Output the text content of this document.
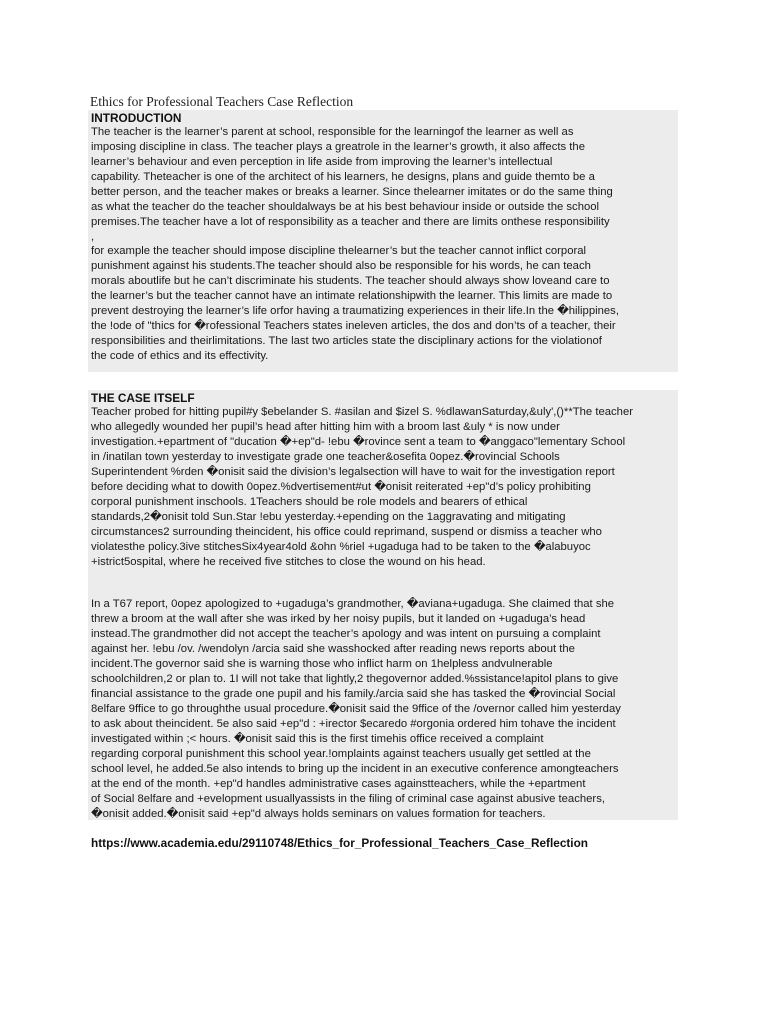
Ethics for Professional Teachers Case Reflection
INTRODUCTION
The teacher is the learner’s parent at school, responsible for the learningof the learner as well as
imposing discipline in class. The teacher plays a greatrole in the learner’s growth, it also affects the
learner’s behaviour and even perception in life aside from improving the learner’s intellectual
capability. Theteacher is one of the architect of his learners, he designs, plans and guide themto be a
better person, and the teacher makes or breaks a learner. Since thelearner imitates or do the same thing
as what the teacher do the teacher shouldalways be at his best behaviour inside or outside the school
premises.The teacher have a lot of responsibility as a teacher and there are limits onthese responsibility
,
for example the teacher should impose discipline thelearner’s but the teacher cannot inflict corporal
punishment against his students.The teacher should also be responsible for his words, he can teach
morals aboutlife but he can’t discriminate his students. The teacher should always show loveand care to
the learner’s but the teacher cannot have an intimate relationshipwith the learner. This limits are made to
prevent destroying the learner’s life orfor having a traumatizing experiences in their life.In the �hilippines,
the !ode of "thics for �rofessional Teachers states ineleven articles, the dos and don’ts of a teacher, their
responsibilities and theirlimitations. The last two articles state the disciplinary actions for the violationof
the code of ethics and its effectivity.
THE CASE ITSELF
Teacher probed for hitting pupil#y $ebelander S. #asilan and $izel S. %dlawanSaturday,&uly',()**The teacher
who allegedly wounded her pupil’s head after hitting him with a broom last &uly * is now under
investigation.+epartment of "ducation �+ep"d- !ebu �rovince sent a team to �anggaco"lementary School
in /inatilan town yesterday to investigate grade one teacher&osefita 0opez.�rovincial Schools
Superintendent %rden �onisit said the division’s legalsection will have to wait for the investigation report
before deciding what to dowith 0opez.%dvertisement#ut �onisit reiterated +ep"d’s policy prohibiting
corporal punishment inschools. 1Teachers should be role models and bearers of ethical
standards,2�onisit told Sun.Star !ebu yesterday.+epending on the 1aggravating and mitigating
circumstances2 surrounding theincident, his office could reprimand, suspend or dismiss a teacher who
violatesthe policy.3ive stitchesSix4year4old &ohn %riel +ugaduga had to be taken to the �alabuyoc
+istrict5ospital, where he received five stitches to close the wound on his head.
In a T67 report, 0opez apologized to +ugaduga’s grandmother, �aviana+ugaduga. She claimed that she
threw a broom at the wall after she was irked by her noisy pupils, but it landed on +ugaduga’s head
instead.The grandmother did not accept the teacher’s apology and was intent on pursuing a complaint
against her. !ebu /ov. /wendolyn /arcia said she wasshocked after reading news reports about the
incident.The governor said she is warning those who inflict harm on 1helpless andvulnerable
schoolchildren,2 or plan to. 1I will not take that lightly,2 thegovernor added.%ssistance!apitol plans to give
financial assistance to the grade one pupil and his family./arcia said she has tasked the �rovincial Social
8elfare 9ffice to go throughthe usual procedure.�onisit said the 9ffice of the /overnor called him yesterday
to ask about theincident. 5e also said +ep"d : +irector $ecaredo #orgonia ordered him tohave the incident
investigated within ;< hours. �onisit said this is the first timehis office received a complaint
regarding corporal punishment this school year.!omplaints against teachers usually get settled at the
school level, he added.5e also intends to bring up the incident in an executive conference amongteachers
at the end of the month. +ep"d handles administrative cases againstteachers, while the +epartment
of Social 8elfare and +evelopment usuallyassists in the filing of criminal case against abusive teachers,
�onisit added.�onisit said +ep"d always holds seminars on values formation for teachers.
https://www.academia.edu/29110748/Ethics_for_Professional_Teachers_Case_Reflection
